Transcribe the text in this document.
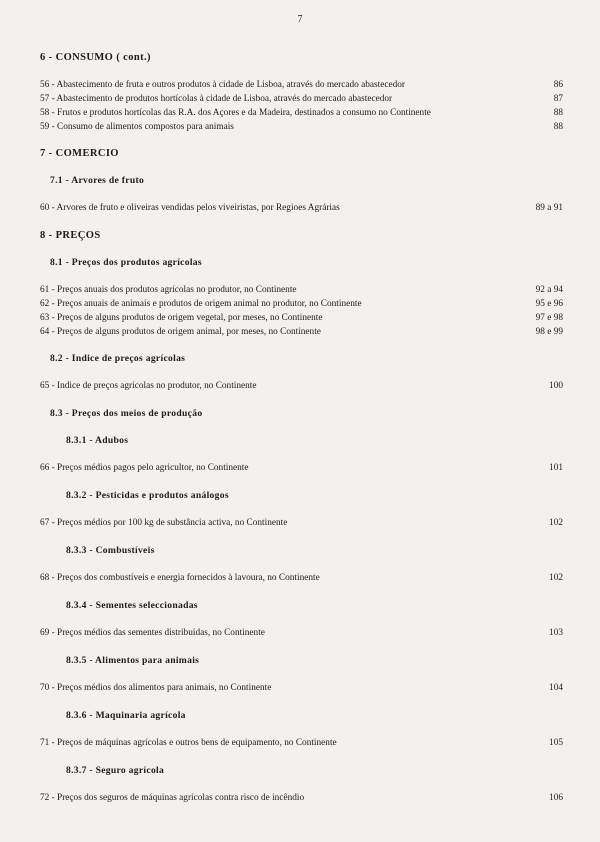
7
6 - CONSUMO ( cont.)
56 - Abastecimento de fruta e outros produtos à cidade de Lisboa, através do mercado abastecedor	86
57 - Abastecimento de produtos hortícolas à cidade de Lisboa, através do mercado abastecedor	87
58 - Frutos e produtos hortícolas das R.A. dos Açores e da Madeira, destinados a consumo no Continente	88
59 - Consumo de alimentos compostos para animais	88
7 - COMERCIO
7.1 - Arvores de fruto
60 - Arvores de fruto e oliveiras vendidas pelos viveiristas, por Regioes Agrárias	89 a 91
8 - PREÇOS
8.1 - Preços dos produtos agrícolas
61 - Preços anuais dos produtos agrícolas no produtor, no Continente	92 a 94
62 - Preços anuais de animais e produtos de origem animal no produtor, no Continente	95 e 96
63 - Preços de alguns produtos de origem vegetal, por meses, no Continente	97 e 98
64 - Preços de alguns produtos de origem animal, por meses, no Continente	98 e 99
8.2 - Indice de preços agrícolas
65 - Indice de preços agrícolas no produtor, no Continente	100
8.3 - Preços dos meios de produção
8.3.1 - Adubos
66 - Preços médios pagos pelo agricultor, no Continente	101
8.3.2 - Pesticidas e produtos análogos
67 - Preços médios por 100 kg de substância activa, no Continente	102
8.3.3 - Combustíveis
68 - Preços dos combustíveis e energia fornecidos à lavoura, no Continente	102
8.3.4 - Sementes seleccionadas
69 - Preços médios das sementes distribuidas, no Continente	103
8.3.5 - Alimentos para animais
70 - Preços médios dos alimentos para animais, no Continente	104
8.3.6 - Maquinaria agrícola
71 - Preços de máquinas agrícolas e outros bens de equipamento, no Continente	105
8.3.7 - Seguro agrícola
72 - Preços dos seguros de máquinas agrícolas contra risco de incêndio	106
